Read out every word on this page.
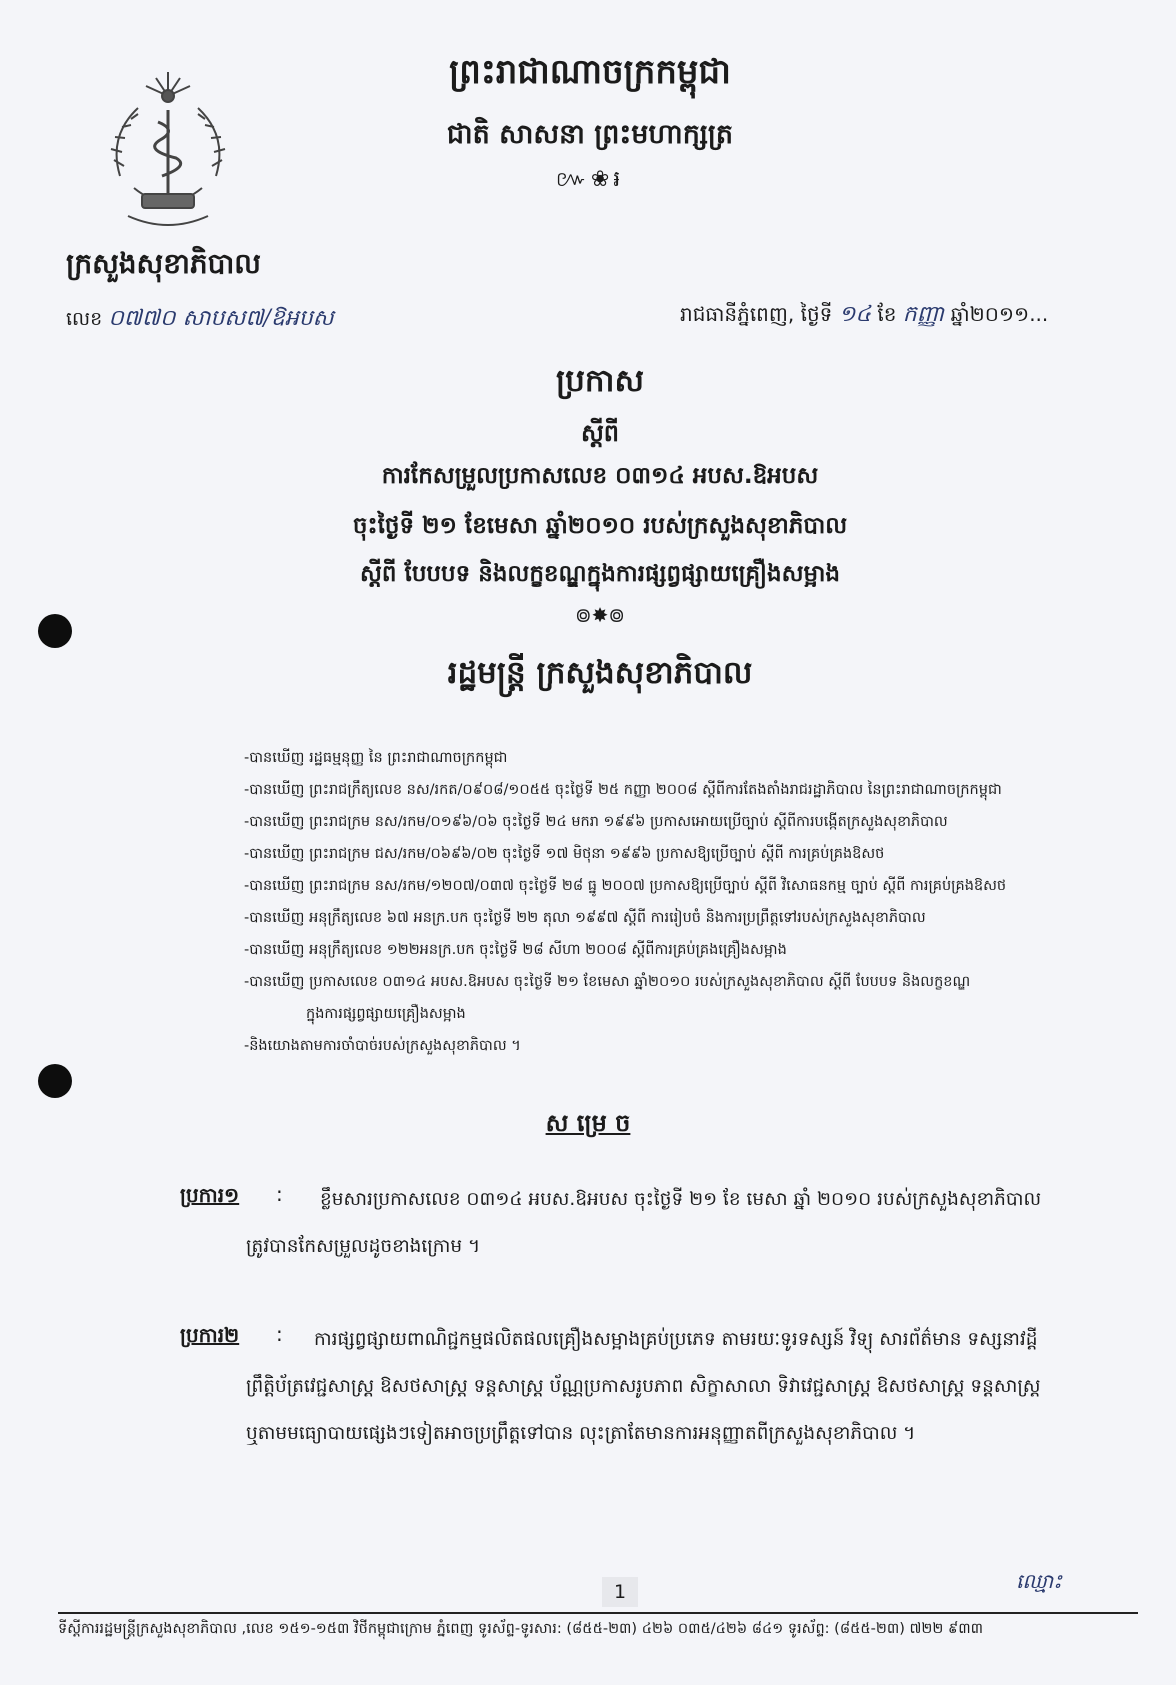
ព្រះរាជាណាចក្រកម្ពុជា
ជាតិ សាសនា ព្រះមហាក្សត្រ
៚❀៛
ក្រសួងសុខាភិបាល
លេខ ០៧៧០ សាបស៧/ឱអបស	រាជធានីភ្នំពេញ, ថ្ងៃទី ១៤ ខែ កញ្ញា ឆ្នាំ២០១១...
ប្រកាស
ស្តីពី
ការកែសម្រួលប្រកាសលេខ ០៣១៤ អបស.ឱអបស
ចុះថ្ងៃទី ២១ ខែមេសា ឆ្នាំ២០១០ របស់ក្រសួងសុខាភិបាល
ស្តីពី បែបបទ និងលក្ខខណ្ឌក្នុងការផ្សព្វផ្សាយគ្រឿងសម្អាង
៙✸៙
រដ្ឋមន្ត្រី ក្រសួងសុខាភិបាល
-បានឃើញ រដ្ឋធម្មនុញ្ញ នៃ ព្រះរាជាណាចក្រកម្ពុជា
-បានឃើញ ព្រះរាជក្រឹត្យលេខ នស/រកត/០៩០៨/១០៥៥ ចុះថ្ងៃទី ២៥ កញ្ញា ២០០៨ ស្តីពីការតែងតាំងរាជរដ្ឋាភិបាល នៃព្រះរាជាណាចក្រកម្ពុជា
-បានឃើញ ព្រះរាជក្រម នស/រកម/០១៩៦/០៦ ចុះថ្ងៃទី ២៤ មករា ១៩៩៦ ប្រកាសអោយប្រើច្បាប់ ស្តីពីការបង្កើតក្រសួងសុខាភិបាល
-បានឃើញ ព្រះរាជក្រម ជស/រកម/០៦៩៦/០២ ចុះថ្ងៃទី ១៧ មិថុនា ១៩៩៦ ប្រកាសឱ្យប្រើច្បាប់ ស្តីពី ការគ្រប់គ្រងឱសថ
-បានឃើញ ព្រះរាជក្រម នស/រកម/១២០៧/០៣៧ ចុះថ្ងៃទី ២៨ ធ្នូ ២០០៧ ប្រកាសឱ្យប្រើច្បាប់ ស្តីពី វិសោធនកម្ម ច្បាប់ ស្តីពី ការគ្រប់គ្រងឱសថ
-បានឃើញ អនុក្រឹត្យលេខ ៦៧ អនក្រ.បក ចុះថ្ងៃទី ២២ តុលា ១៩៩៧ ស្តីពី ការរៀបចំ និងការប្រព្រឹត្តទៅរបស់ក្រសួងសុខាភិបាល
-បានឃើញ អនុក្រឹត្យលេខ ១២២អនក្រ.បក ចុះថ្ងៃទី ២៨ សីហា ២០០៨ ស្តីពីការគ្រប់គ្រងគ្រឿងសម្អាង
-បានឃើញ ប្រកាសលេខ ០៣១៤ អបស.ឱអបស ចុះថ្ងៃទី ២១ ខែមេសា ឆ្នាំ២០១០ របស់ក្រសួងសុខាភិបាល ស្តីពី បែបបទ និងលក្ខខណ្ឌ
ក្នុងការផ្សព្វផ្សាយគ្រឿងសម្អាង
-និងយោងតាមការចាំបាច់របស់ក្រសួងសុខាភិបាល ។
ស ម្រេ ច
ប្រការ១ : ខ្លឹមសារប្រកាសលេខ ០៣១៤ អបស.ឱអបស ចុះថ្ងៃទី ២១ ខែ មេសា ឆ្នាំ ២០១០ របស់ក្រសួងសុខាភិបាល
ត្រូវបានកែសម្រួលដូចខាងក្រោម ។
ប្រការ២ : ការផ្សព្វផ្សាយពាណិជ្ជកម្មផលិតផលគ្រឿងសម្អាងគ្រប់ប្រភេទ តាមរយៈទូរទស្សន៍ វិទ្យុ សារព័ត៌មាន ទស្សនាវដ្តី
ព្រឹត្តិប័ត្រវេជ្ជសាស្ត្រ ឱសថសាស្ត្រ ទន្តសាស្ត្រ ប័ណ្ណប្រកាសរូបភាព សិក្ខាសាលា ទិវាវេជ្ជសាស្ត្រ ឱសថសាស្ត្រ ទន្តសាស្ត្រ
ឬតាមមធ្យោបាយផ្សេងៗទៀតអាចប្រព្រឹត្តទៅបាន លុះត្រាតែមានការអនុញ្ញាតពីក្រសួងសុខាភិបាល ។
1	ឈ្មោះ
ទីស្តីការរដ្ឋមន្ត្រីក្រសួងសុខាភិបាល ,លេខ ១៥១-១៥៣ វិថីកម្ពុជាក្រោម ភ្នំពេញ ទូរស័ព្ទ-ទូរសារ: (៨៥៥-២៣) ៤២៦ ០៣៥/៤២៦ ៨៤១ ទូរស័ព្ទ: (៨៥៥-២៣) ៧២២ ៩៣៣
